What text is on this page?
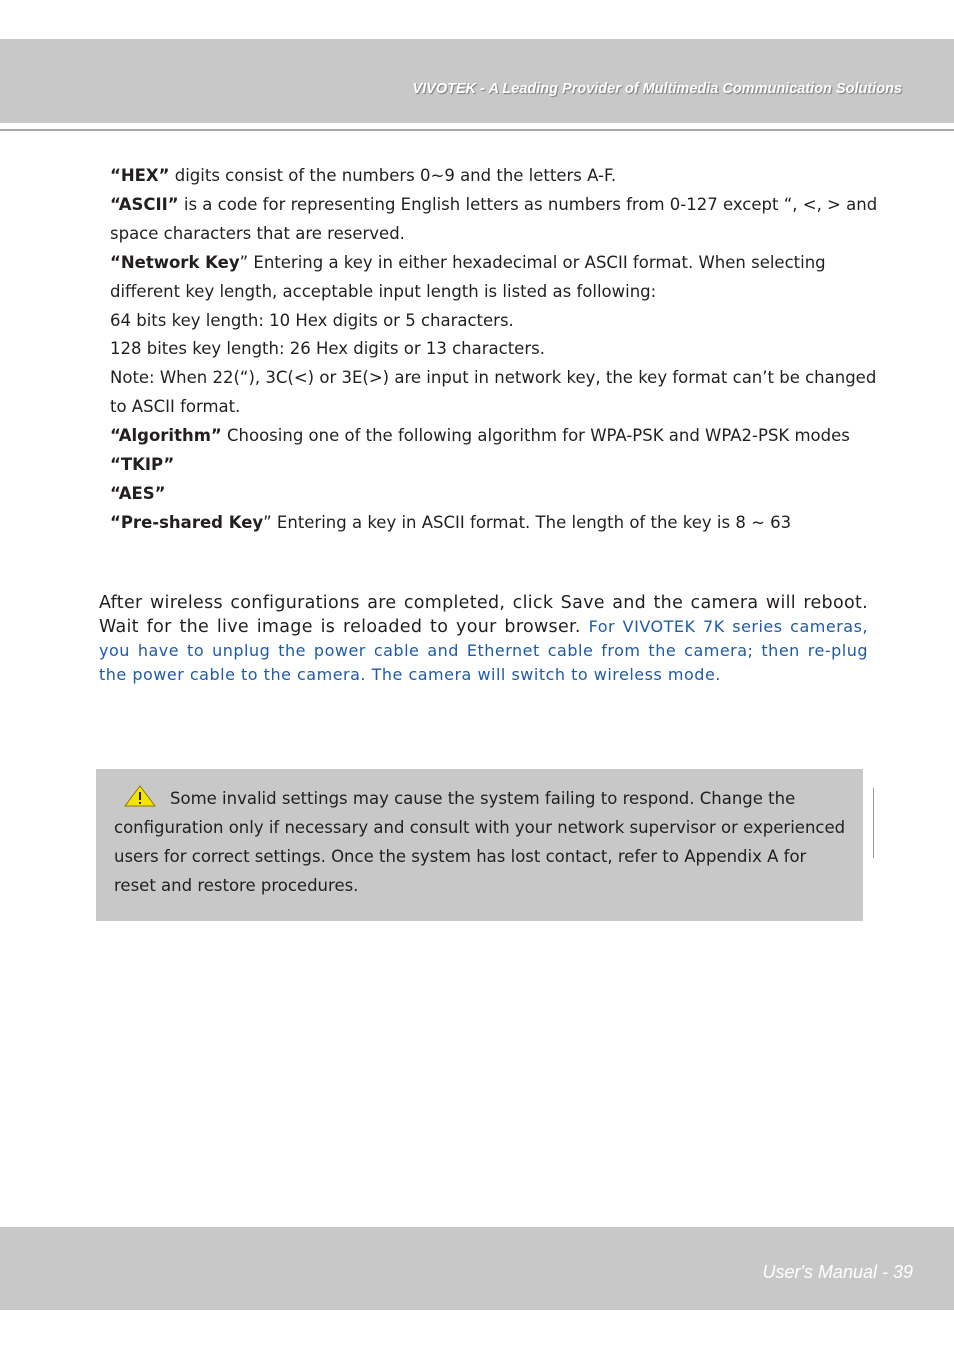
VIVOTEK - A Leading Provider of Multimedia Communication Solutions

“HEX” digits consist of the numbers 0~9 and the letters A-F.

“ASCII” is a code for representing English letters as numbers from 0-127 except “, <, > and space characters that are reserved.

“Network Key” Entering a key in either hexadecimal or ASCII format. When selecting different key length, acceptable input length is listed as following:

64 bits key length: 10 Hex digits or 5 characters.

128 bites key length: 26 Hex digits or 13 characters.

Note: When 22(“), 3C(<) or 3E(>) are input in network key, the key format can’t be changed to ASCII format.

“Algorithm” Choosing one of the following algorithm for WPA-PSK and WPA2-PSK modes

“TKIP”

“AES”

“Pre-shared Key” Entering a key in ASCII format. The length of the key is 8 ~ 63

After wireless configurations are completed, click Save and the camera will reboot. Wait for the live image is reloaded to your browser. For VIVOTEK 7K series cameras, you have to unplug the power cable and Ethernet cable from the camera; then re-plug the power cable to the camera. The camera will switch to wireless mode.
Some invalid settings may cause the system failing to respond. Change the configuration only if necessary and consult with your network supervisor or experienced users for correct settings. Once the system has lost contact, refer to Appendix A for reset and restore procedures.
User's Manual - 39
